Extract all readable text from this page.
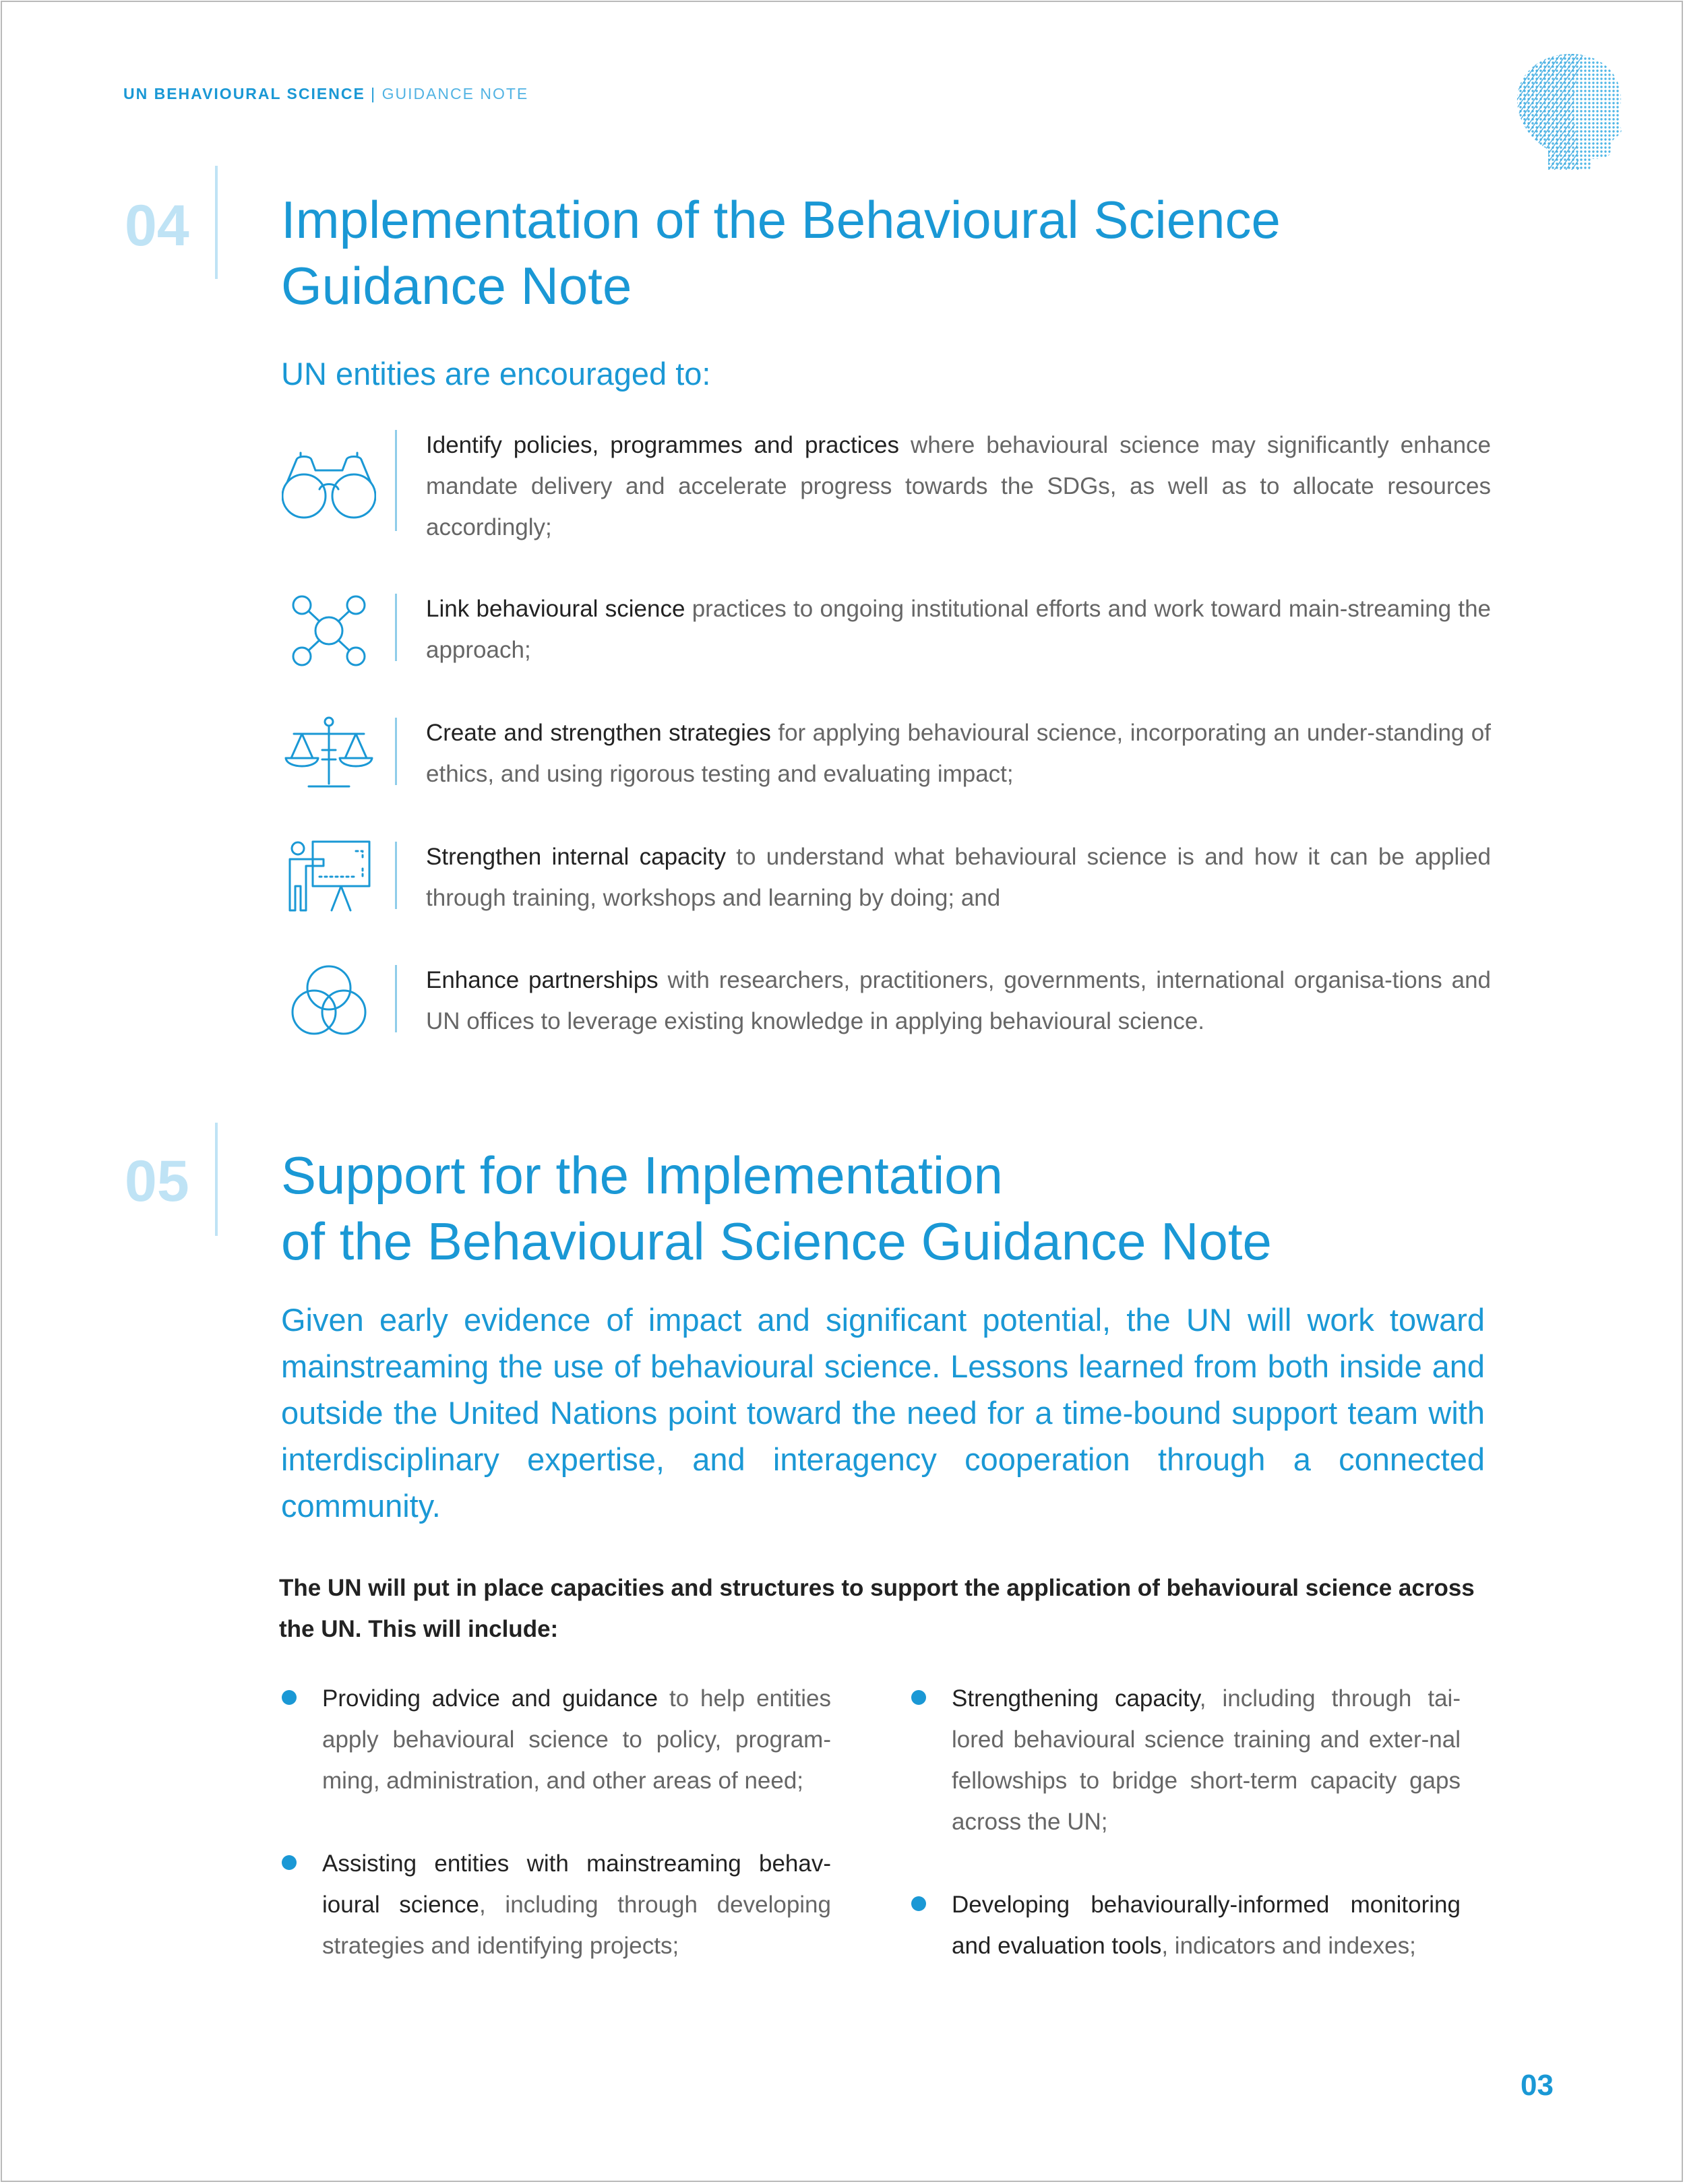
UN BEHAVIOURAL SCIENCE | GUIDANCE NOTE
04 Implementation of the Behavioural Science
Guidance Note
UN entities are encouraged to:
Identify policies, programmes and practices where behavioural science may significantly enhance mandate delivery and accelerate progress towards the SDGs, as well as to allocate resources accordingly;
Link behavioural science practices to ongoing institutional efforts and work toward main-streaming the approach;
Create and strengthen strategies for applying behavioural science, incorporating an under-standing of ethics, and using rigorous testing and evaluating impact;
Strengthen internal capacity to understand what behavioural science is and how it can be applied through training, workshops and learning by doing; and
Enhance partnerships with researchers, practitioners, governments, international organisa-tions and UN offices to leverage existing knowledge in applying behavioural science.
05 Support for the Implementation
of the Behavioural Science Guidance Note

Given early evidence of impact and significant potential, the UN will work toward mainstreaming the use of behavioural science. Lessons learned from both inside and outside the United Nations point toward the need for a time-bound support team with interdisciplinary expertise, and interagency cooperation through a connected community.

The UN will put in place capacities and structures to support the application of behavioural science across the UN. This will include:

Providing advice and guidance to help entities apply behavioural science to policy, program-ming, administration, and other areas of need;
Assisting entities with mainstreaming behav-ioural science, including through developing strategies and identifying projects;
Strengthening capacity, including through tai-lored behavioural science training and exter-nal fellowships to bridge short-term capacity gaps across the UN;
Developing behaviourally-informed monitoring and evaluation tools, indicators and indexes;
03
